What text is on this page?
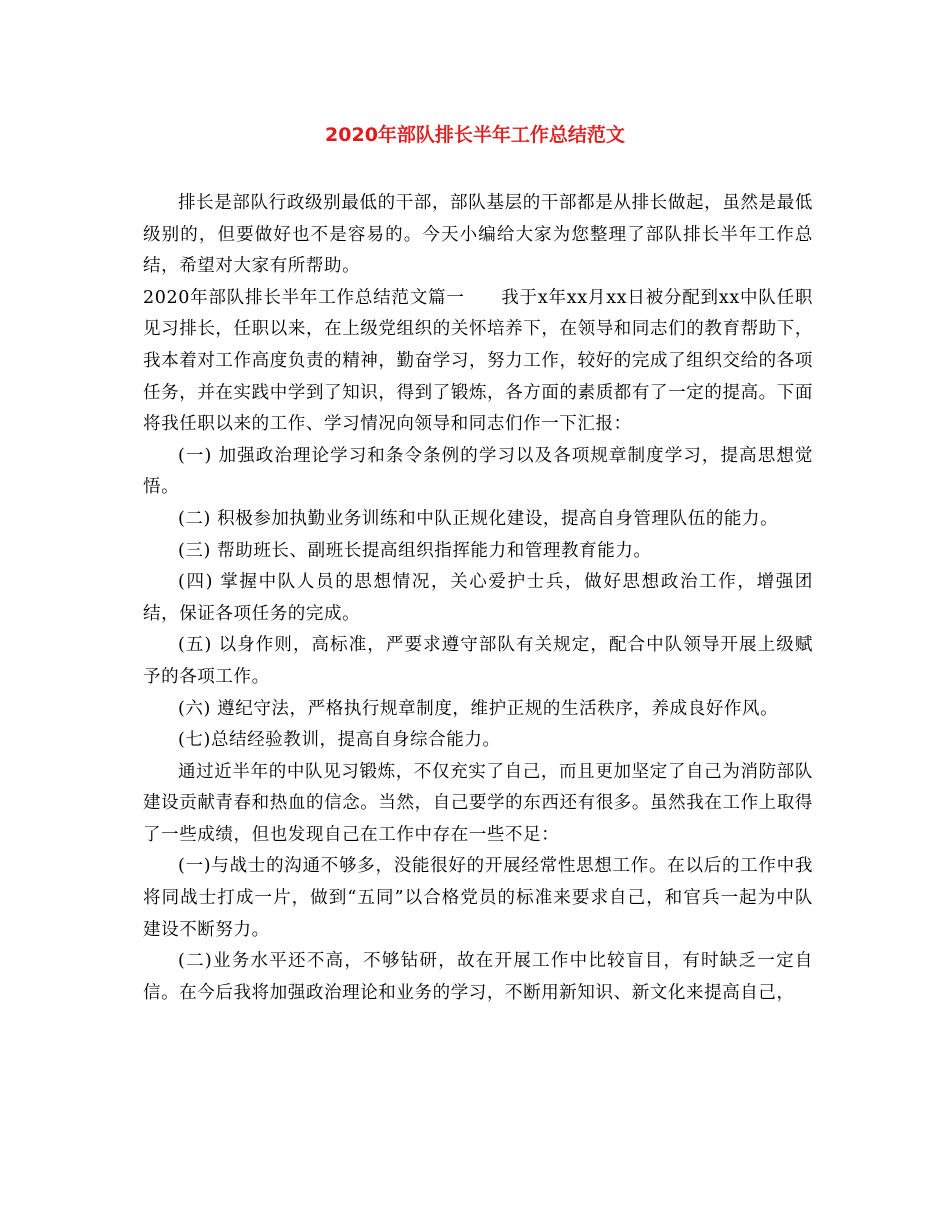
2020年部队排长半年工作总结范文

排长是部队行政级别最低的干部，部队基层的干部都是从排长做起，虽然是最低级别的，但要做好也不是容易的。今天小编给大家为您整理了部队排长半年工作总结，希望对大家有所帮助。

2020年部队排长半年工作总结范文篇一　　我于x年xx月xx日被分配到xx中队任职见习排长，任职以来，在上级党组织的关怀培养下，在领导和同志们的教育帮助下，我本着对工作高度负责的精神，勤奋学习，努力工作，较好的完成了组织交给的各项任务，并在实践中学到了知识，得到了锻炼，各方面的素质都有了一定的提高。下面将我任职以来的工作、学习情况向领导和同志们作一下汇报：

(一) 加强政治理论学习和条令条例的学习以及各项规章制度学习，提高思想觉悟。

(二) 积极参加执勤业务训练和中队正规化建设，提高自身管理队伍的能力。

(三) 帮助班长、副班长提高组织指挥能力和管理教育能力。

(四) 掌握中队人员的思想情况，关心爱护士兵，做好思想政治工作，增强团结，保证各项任务的完成。

(五) 以身作则，高标准，严要求遵守部队有关规定，配合中队领导开展上级赋予的各项工作。

(六) 遵纪守法，严格执行规章制度，维护正规的生活秩序，养成良好作风。

(七)总结经验教训，提高自身综合能力。

通过近半年的中队见习锻炼，不仅充实了自己，而且更加坚定了自己为消防部队建设贡献青春和热血的信念。当然，自己要学的东西还有很多。虽然我在工作上取得了一些成绩，但也发现自己在工作中存在一些不足：

(一)与战士的沟通不够多，没能很好的开展经常性思想工作。在以后的工作中我将同战士打成一片，做到“五同”以合格党员的标准来要求自己，和官兵一起为中队建设不断努力。

(二)业务水平还不高，不够钻研，故在开展工作中比较盲目，有时缺乏一定自信。在今后我将加强政治理论和业务的学习，不断用新知识、新文化来提高自己，
